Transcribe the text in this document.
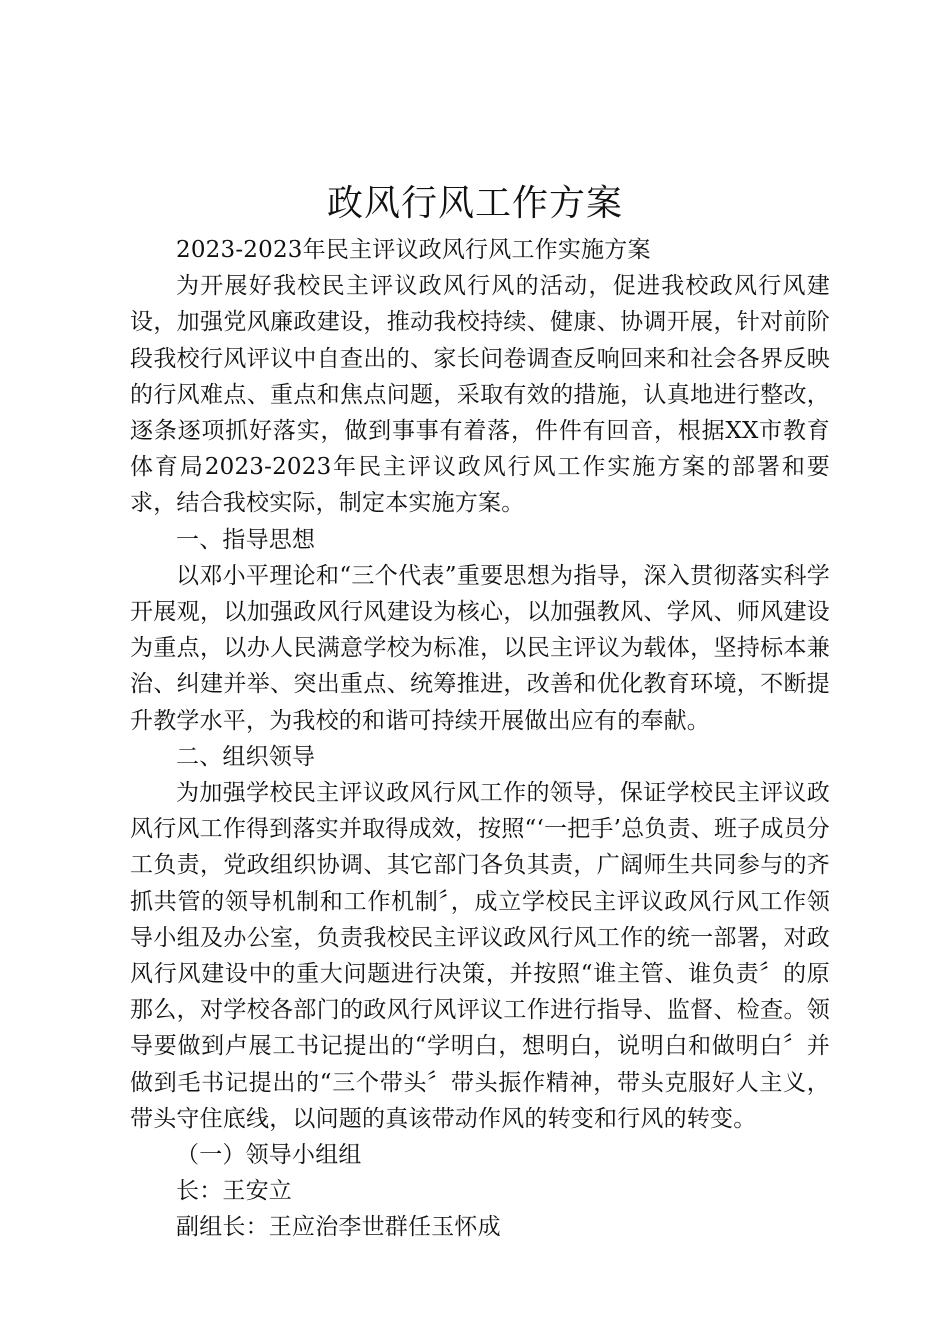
政风行风工作方案

2023-2023年民主评议政风行风工作实施方案

为开展好我校民主评议政风行风的活动，促进我校政风行风建设，加强党风廉政建设，推动我校持续、健康、协调开展，针对前阶段我校行风评议中自查出的、家长问卷调查反响回来和社会各界反映的行风难点、重点和焦点问题，采取有效的措施，认真地进行整改，逐条逐项抓好落实，做到事事有着落，件件有回音，根据XX市教育体育局2023-2023年民主评议政风行风工作实施方案的部署和要求，结合我校实际，制定本实施方案。

一、指导思想

以邓小平理论和“三个代表”重要思想为指导，深入贯彻落实科学开展观，以加强政风行风建设为核心，以加强教风、学风、师风建设为重点，以办人民满意学校为标准，以民主评议为载体，坚持标本兼治、纠建并举、突出重点、统筹推进，改善和优化教育环境，不断提升教学水平，为我校的和谐可持续开展做出应有的奉献。

二、组织领导

为加强学校民主评议政风行风工作的领导，保证学校民主评议政风行风工作得到落实并取得成效，按照“‘一把手’总负责、班子成员分工负责，党政组织协调、其它部门各负其责，广阔师生共同参与的齐抓共管的领导机制和工作机制〞，成立学校民主评议政风行风工作领导小组及办公室，负责我校民主评议政风行风工作的统一部署，对政风行风建设中的重大问题进行决策，并按照“谁主管、谁负责〞的原那么，对学校各部门的政风行风评议工作进行指导、监督、检查。领导要做到卢展工书记提出的“学明白，想明白，说明白和做明白〞并做到毛书记提出的“三个带头〞带头振作精神，带头克服好人主义，带头守住底线，以问题的真该带动作风的转变和行风的转变。

（一）领导小组组

长：王安立

副组长：王应治李世群任玉怀成
